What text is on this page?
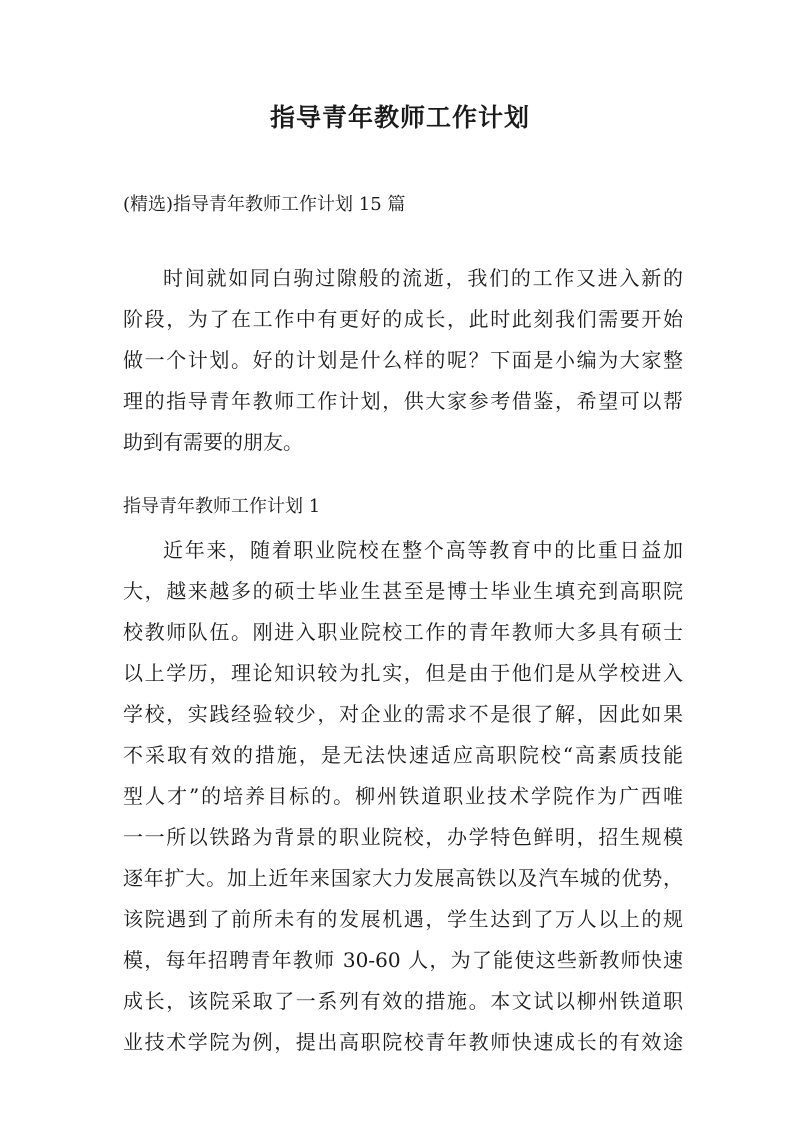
指导青年教师工作计划

(精选)指导青年教师工作计划 15 篇

时间就如同白驹过隙般的流逝，我们的工作又进入新的

阶段，为了在工作中有更好的成长，此时此刻我们需要开始

做一个计划。好的计划是什么样的呢？下面是小编为大家整

理的指导青年教师工作计划，供大家参考借鉴，希望可以帮

助到有需要的朋友。

指导青年教师工作计划 1

近年来，随着职业院校在整个高等教育中的比重日益加

大，越来越多的硕士毕业生甚至是博士毕业生填充到高职院

校教师队伍。刚进入职业院校工作的青年教师大多具有硕士

以上学历，理论知识较为扎实，但是由于他们是从学校进入

学校，实践经验较少，对企业的需求不是很了解，因此如果

不采取有效的措施，是无法快速适应高职院校“高素质技能

型人才”的培养目标的。柳州铁道职业技术学院作为广西唯

一一所以铁路为背景的职业院校，办学特色鲜明，招生规模

逐年扩大。加上近年来国家大力发展高铁以及汽车城的优势，

该院遇到了前所未有的发展机遇，学生达到了万人以上的规

模，每年招聘青年教师 30-60 人，为了能使这些新教师快速

成长，该院采取了一系列有效的措施。本文试以柳州铁道职

业技术学院为例，提出高职院校青年教师快速成长的有效途
